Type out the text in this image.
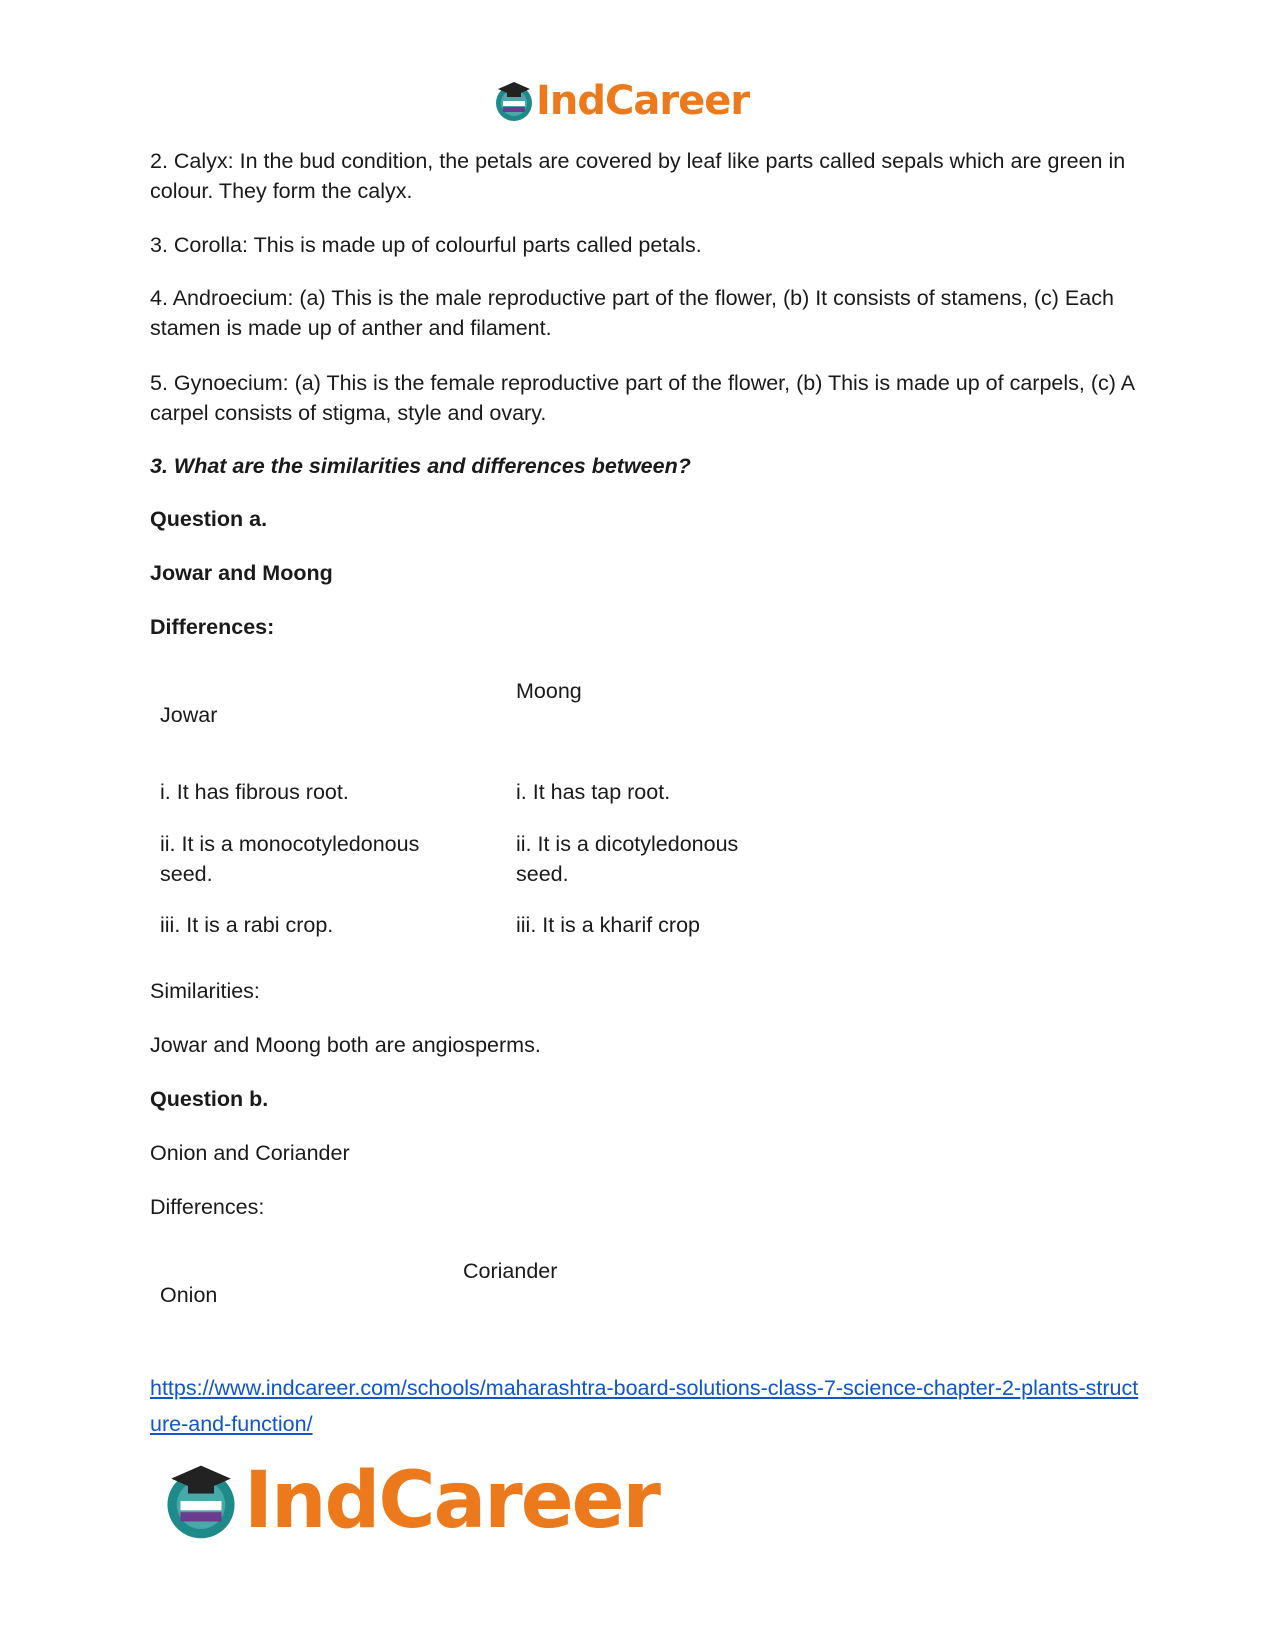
IndCareer

2. Calyx: In the bud condition, the petals are covered by leaf like parts called sepals which are green in colour. They form the calyx.

3. Corolla: This is made up of colourful parts called petals.

4. Androecium: (a) This is the male reproductive part of the flower, (b) It consists of stamens, (c) Each stamen is made up of anther and filament.

5. Gynoecium: (a) This is the female reproductive part of the flower, (b) This is made up of carpels, (c) A carpel consists of stigma, style and ovary.

3. What are the similarities and differences between?

Question a.

Jowar and Moong

Differences:

Jowar

Moong

i. It has fibrous root.	i. It has tap root.

ii. It is a monocotyledonous seed.

ii. It is a dicotyledonous seed.

iii. It is a rabi crop.	iii. It is a kharif crop

Similarities:

Jowar and Moong both are angiosperms.

Question b.

Onion and Coriander

Differences:

Onion

Coriander

https://www.indcareer.com/schools/maharashtra-board-solutions-class-7-science-chapter-2-plants-structure-and-function/
IndCareer
